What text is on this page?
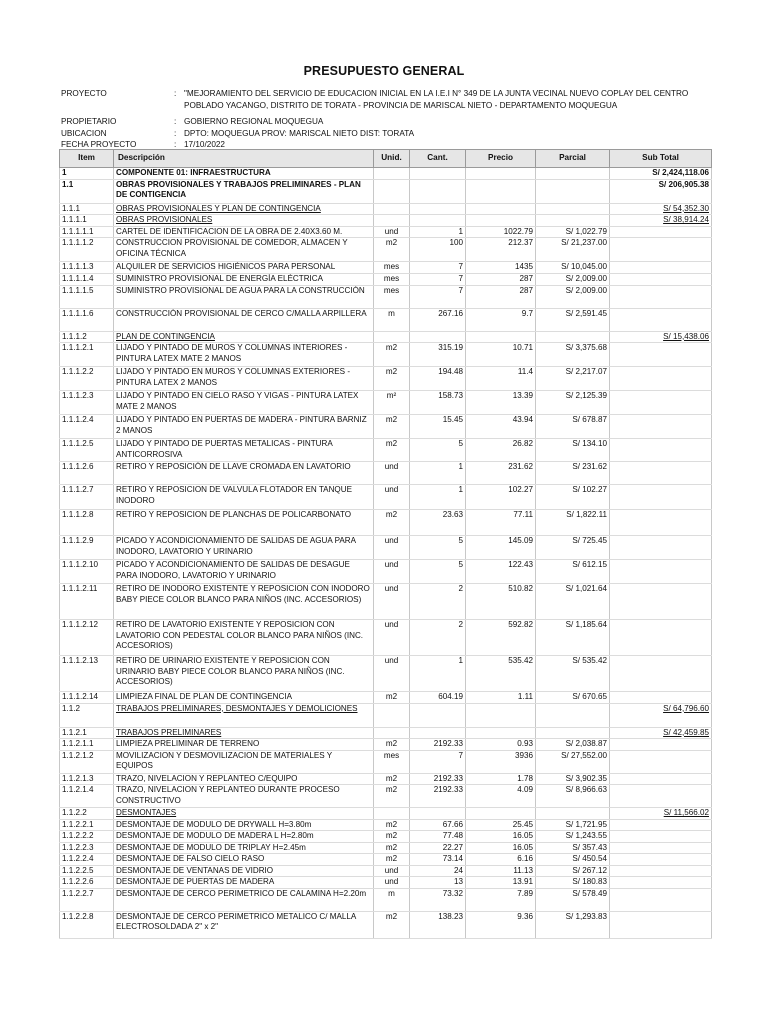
PRESUPUESTO GENERAL
PROYECTO	: "MEJORAMIENTO DEL SERVICIO DE EDUCACION INICIAL EN LA I.E.I N° 349 DE LA JUNTA VECINAL NUEVO COPLAY DEL CENTRO POBLADO YACANGO, DISTRITO DE TORATA - PROVINCIA DE MARISCAL NIETO - DEPARTAMENTO MOQUEGUA
PROPIETARIO	: GOBIERNO REGIONAL MOQUEGUA
UBICACION	: DPTO: MOQUEGUA PROV: MARISCAL NIETO DIST: TORATA
FECHA PROYECTO	: 17/10/2022
Item	Descripción	Unid.	Cant.	Precio	Parcial	Sub Total
1	COMPONENTE 01: INFRAESTRUCTURA					S/ 2,424,118.06
1.1	OBRAS PROVISIONALES Y TRABAJOS PRELIMINARES - PLAN DE CONTIGENCIA					S/ 206,905.38
1.1.1	OBRAS PROVISIONALES Y PLAN DE CONTINGENCIA					S/ 54,352.30
1.1.1.1	OBRAS PROVISIONALES					S/ 38,914.24
1.1.1.1.1	CARTEL DE IDENTIFICACION DE LA OBRA DE 2.40X3.60 M.	und	1	1022.79	S/ 1,022.79	
1.1.1.1.2	CONSTRUCCION PROVISIONAL DE COMEDOR, ALMACEN Y OFICINA TÉCNICA	m2	100	212.37	S/ 21,237.00	
1.1.1.1.3	ALQUILER DE SERVICIOS HIGIÉNICOS PARA PERSONAL	mes	7	1435	S/ 10,045.00	
1.1.1.1.4	SUMINISTRO PROVISIONAL DE ENERGÍA ELÉCTRICA	mes	7	287	S/ 2,009.00	
1.1.1.1.5	SUMINISTRO PROVISIONAL DE AGUA PARA LA CONSTRUCCIÓN	mes	7	287	S/ 2,009.00	
1.1.1.1.6	CONSTRUCCIÓN PROVISIONAL DE CERCO C/MALLA ARPILLERA	m	267.16	9.7	S/ 2,591.45	
1.1.1.2	PLAN DE CONTINGENCIA					S/ 15,438.06
1.1.1.2.1	LIJADO Y PINTADO DE MUROS Y COLUMNAS INTERIORES - PINTURA LATEX MATE 2 MANOS	m2	315.19	10.71	S/ 3,375.68	
1.1.1.2.2	LIJADO Y PINTADO EN MUROS Y COLUMNAS EXTERIORES - PINTURA LATEX 2 MANOS	m2	194.48	11.4	S/ 2,217.07	
1.1.1.2.3	LIJADO Y PINTADO EN CIELO RASO Y VIGAS - PINTURA LATEX MATE 2 MANOS	m²	158.73	13.39	S/ 2,125.39	
1.1.1.2.4	LIJADO Y PINTADO EN PUERTAS DE MADERA - PINTURA BARNIZ 2 MANOS	m2	15.45	43.94	S/ 678.87	
1.1.1.2.5	LIJADO Y PINTADO DE PUERTAS METALICAS - PINTURA ANTICORROSIVA	m2	5	26.82	S/ 134.10	
1.1.1.2.6	RETIRO Y REPOSICIÓN DE LLAVE CROMADA EN LAVATORIO	und	1	231.62	S/ 231.62	
1.1.1.2.7	RETIRO Y REPOSICION DE VALVULA FLOTADOR EN TANQUE INODORO	und	1	102.27	S/ 102.27	
1.1.1.2.8	RETIRO Y REPOSICION DE PLANCHAS DE POLICARBONATO	m2	23.63	77.11	S/ 1,822.11	
1.1.1.2.9	PICADO Y ACONDICIONAMIENTO DE SALIDAS DE AGUA PARA INODORO, LAVATORIO Y URINARIO	und	5	145.09	S/ 725.45	
1.1.1.2.10	PICADO Y ACONDICIONAMIENTO DE SALIDAS DE DESAGUE PARA INODORO, LAVATORIO Y URINARIO	und	5	122.43	S/ 612.15	
1.1.1.2.11	RETIRO DE INODORO EXISTENTE Y REPOSICION CON INODORO BABY PIECE COLOR BLANCO PARA NIÑOS (INC. ACCESORIOS)	und	2	510.82	S/ 1,021.64	
1.1.1.2.12	RETIRO DE LAVATORIO EXISTENTE Y REPOSICION CON LAVATORIO CON PEDESTAL COLOR BLANCO PARA NIÑOS (INC. ACCESORIOS)	und	2	592.82	S/ 1,185.64	
1.1.1.2.13	RETIRO DE URINARIO EXISTENTE Y REPOSICION CON URINARIO BABY PIECE COLOR BLANCO PARA NIÑOS (INC. ACCESORIOS)	und	1	535.42	S/ 535.42	
1.1.1.2.14	LIMPIEZA FINAL DE PLAN DE CONTINGENCIA	m2	604.19	1.11	S/ 670.65	
1.1.2	TRABAJOS PRELIMINARES, DESMONTAJES Y DEMOLICIONES					S/ 64,796.60
1.1.2.1	TRABAJOS PRELIMINARES					S/ 42,459.85
1.1.2.1.1	LIMPIEZA PRELIMINAR DE TERRENO	m2	2192.33	0.93	S/ 2,038.87	
1.1.2.1.2	MOVILIZACION Y DESMOVILIZACION DE MATERIALES Y EQUIPOS	mes	7	3936	S/ 27,552.00	
1.1.2.1.3	TRAZO, NIVELACION Y REPLANTEO C/EQUIPO	m2	2192.33	1.78	S/ 3,902.35	
1.1.2.1.4	TRAZO, NIVELACION Y REPLANTEO DURANTE PROCESO CONSTRUCTIVO	m2	2192.33	4.09	S/ 8,966.63	
1.1.2.2	DESMONTAJES					S/ 11,566.02
1.1.2.2.1	DESMONTAJE DE MODULO DE DRYWALL H=3.80m	m2	67.66	25.45	S/ 1,721.95	
1.1.2.2.2	DESMONTAJE DE MODULO DE MADERA L H=2.80m	m2	77.48	16.05	S/ 1,243.55	
1.1.2.2.3	DESMONTAJE DE MODULO DE TRIPLAY H=2.45m	m2	22.27	16.05	S/ 357.43	
1.1.2.2.4	DESMONTAJE DE FALSO CIELO RASO	m2	73.14	6.16	S/ 450.54	
1.1.2.2.5	DESMONTAJE DE VENTANAS DE VIDRIO	und	24	11.13	S/ 267.12	
1.1.2.2.6	DESMONTAJE DE PUERTAS DE MADERA	und	13	13.91	S/ 180.83	
1.1.2.2.7	DESMONTAJE DE CERCO PERIMETRICO DE CALAMINA H=2.20m	m	73.32	7.89	S/ 578.49	
1.1.2.2.8	DESMONTAJE DE CERCO PERIMETRICO METALICO C/ MALLA ELECTROSOLDADA 2" x 2"	m2	138.23	9.36	S/ 1,293.83	
